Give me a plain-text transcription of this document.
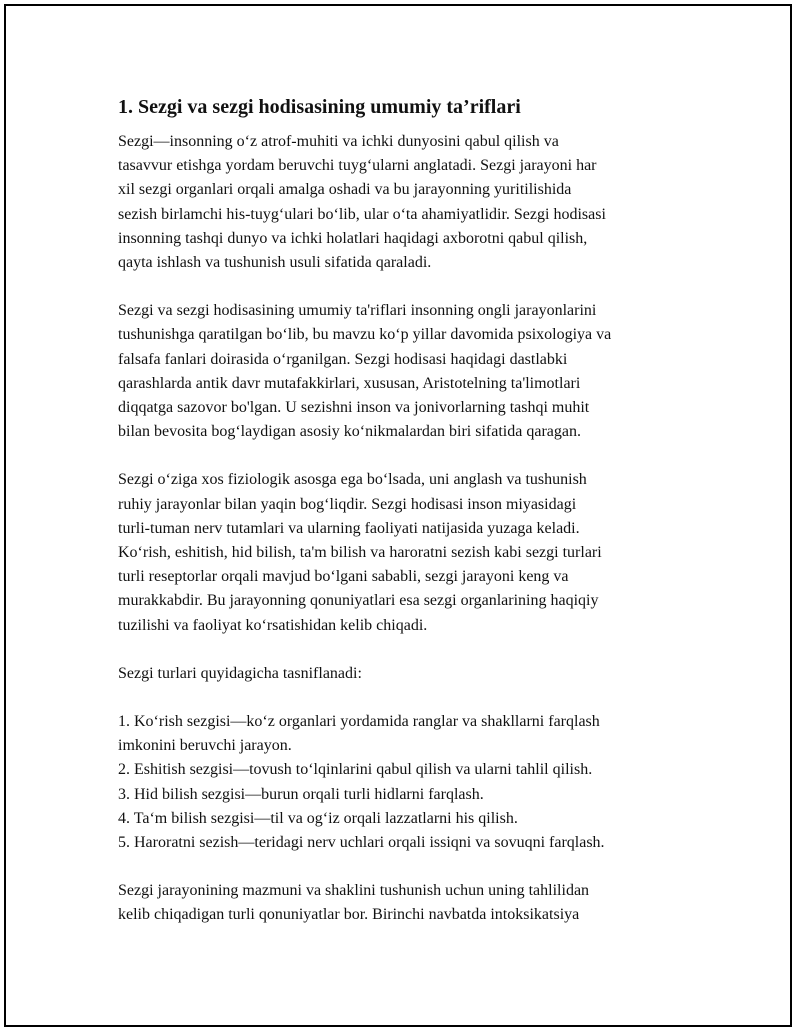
1. Sezgi va sezgi hodisasining umumiy ta’riflari

Sezgi—insonning o‘z atrof-muhiti va ichki dunyosini qabul qilish va
tasavvur etishga yordam beruvchi tuyg‘ularni anglatadi. Sezgi jarayoni har
xil sezgi organlari orqali amalga oshadi va bu jarayonning yuritilishida
sezish birlamchi his-tuyg‘ulari bo‘lib, ular o‘ta ahamiyatlidir. Sezgi hodisasi
insonning tashqi dunyo va ichki holatlari haqidagi axborotni qabul qilish,
qayta ishlash va tushunish usuli sifatida qaraladi.

Sezgi va sezgi hodisasining umumiy ta'riflari insonning ongli jarayonlarini
tushunishga qaratilgan bo‘lib, bu mavzu ko‘p yillar davomida psixologiya va
falsafa fanlari doirasida o‘rganilgan. Sezgi hodisasi haqidagi dastlabki
qarashlarda antik davr mutafakkirlari, xususan, Aristotelning ta'limotlari
diqqatga sazovor bo'lgan. U sezishni inson va jonivorlarning tashqi muhit
bilan bevosita bog‘laydigan asosiy ko‘nikmalardan biri sifatida qaragan.

Sezgi o‘ziga xos fiziologik asosga ega bo‘lsada, uni anglash va tushunish
ruhiy jarayonlar bilan yaqin bog‘liqdir. Sezgi hodisasi inson miyasidagi
turli-tuman nerv tutamlari va ularning faoliyati natijasida yuzaga keladi.
Ko‘rish, eshitish, hid bilish, ta'm bilish va haroratni sezish kabi sezgi turlari
turli reseptorlar orqali mavjud bo‘lgani sababli, sezgi jarayoni keng va
murakkabdir. Bu jarayonning qonuniyatlari esa sezgi organlarining haqiqiy
tuzilishi va faoliyat ko‘rsatishidan kelib chiqadi.

Sezgi turlari quyidagicha tasniflanadi:

1. Ko‘rish sezgisi—ko‘z organlari yordamida ranglar va shakllarni farqlash
imkonini beruvchi jarayon.
2. Eshitish sezgisi—tovush to‘lqinlarini qabul qilish va ularni tahlil qilish.
3. Hid bilish sezgisi—burun orqali turli hidlarni farqlash.
4. Ta‘m bilish sezgisi—til va og‘iz orqali lazzatlarni his qilish.
5. Haroratni sezish—teridagi nerv uchlari orqali issiqni va sovuqni farqlash.

Sezgi jarayonining mazmuni va shaklini tushunish uchun uning tahlilidan
kelib chiqadigan turli qonuniyatlar bor. Birinchi navbatda intoksikatsiya
